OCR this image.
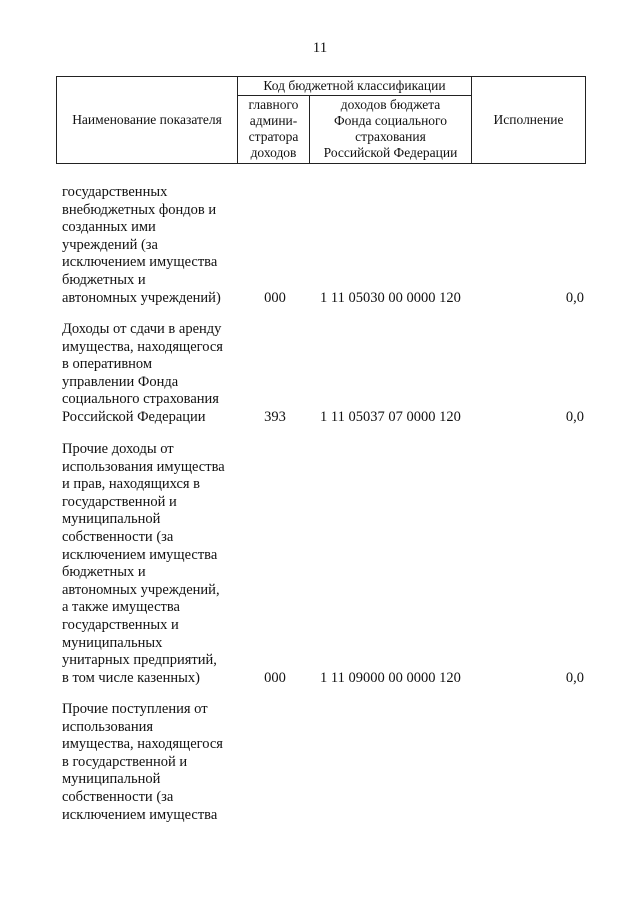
11
Наименование показателя
Код бюджетной классификации
главного
админи-
стратора
доходов
доходов бюджета
Фонда социального
страхования
Российской Федерации
Исполнение
государственных
внебюджетных фондов и
созданных ими
учреждений (за
исключением имущества
бюджетных и
автономных учреждений)	000 1 11 05030 00 0000 120	0,0
Доходы от сдачи в аренду
имущества, находящегося
в оперативном
управлении Фонда
социального страхования
Российской Федерации	393 1 11 05037 07 0000 120	0,0
Прочие доходы от
использования имущества
и прав, находящихся в
государственной и
муниципальной
собственности (за
исключением имущества
бюджетных и
автономных учреждений,
а также имущества
государственных и
муниципальных
унитарных предприятий,
в том числе казенных)	000 1 11 09000 00 0000 120	0,0
Прочие поступления от
использования
имущества, находящегося
в государственной и
муниципальной
собственности (за
исключением имущества
